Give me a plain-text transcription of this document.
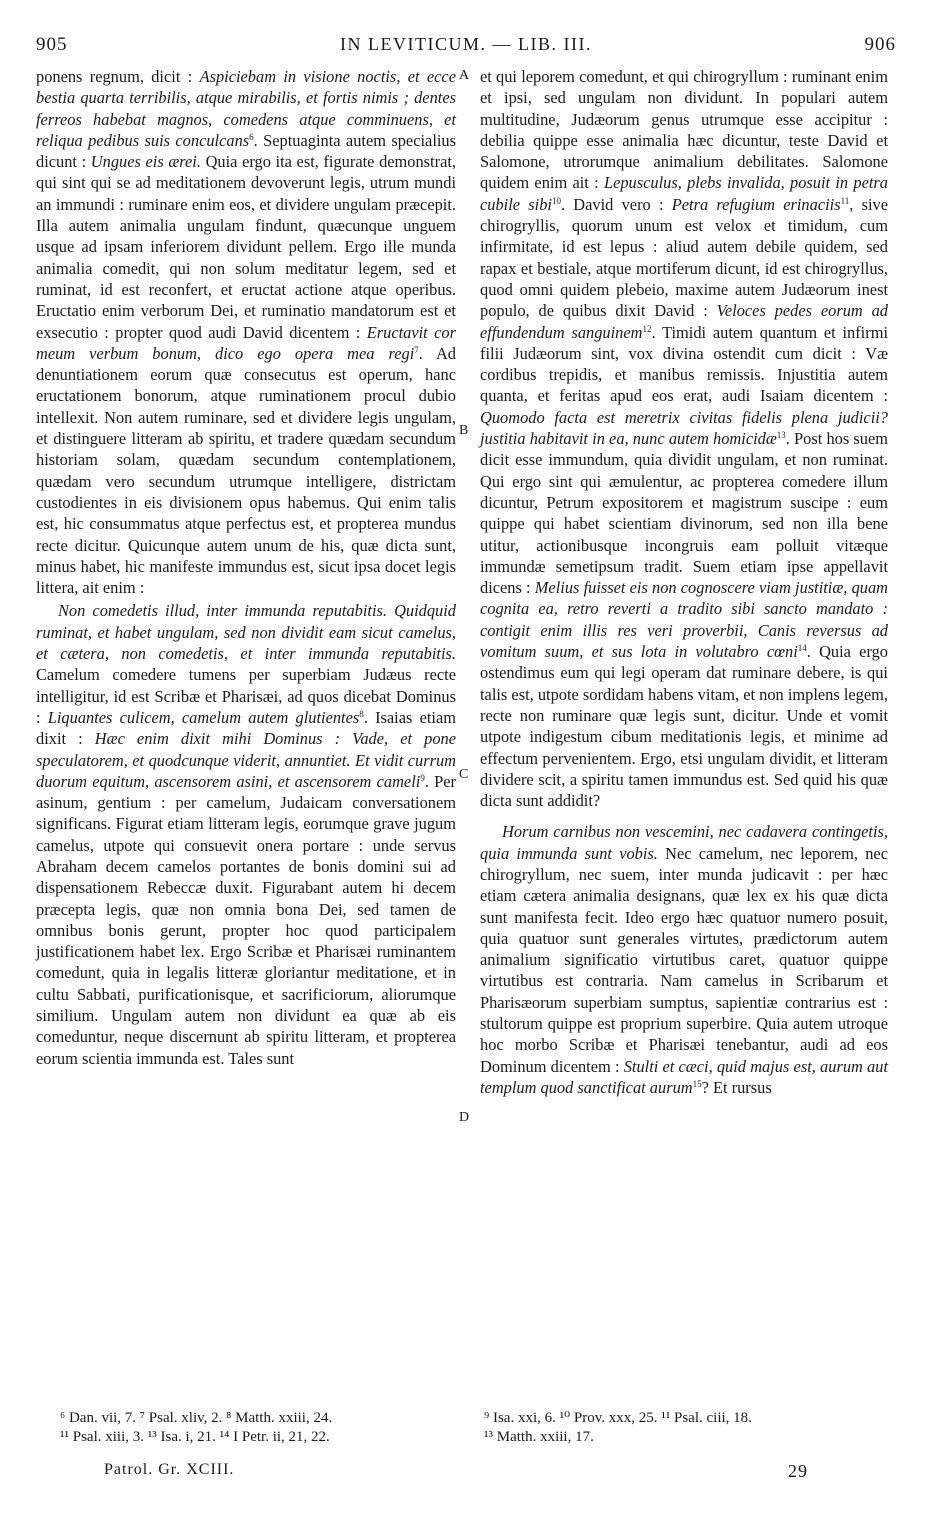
905	IN LEVITICUM. — LIB. III.	906

ponens regnum, dicit : Aspiciebam in visione noctis, et ecce bestia quarta terribilis, atque mirabilis, et fortis nimis ; dentes ferreos habebat magnos, comedens atque comminuens, et reliqua pedibus suis conculcans$^6$. Septuaginta autem specialius dicunt : Ungues eis ærei. Quia ergo ita est, figurate demonstrat, qui sint qui se ad meditationem devoverunt legis, utrum mundi an immundi : ruminare enim eos, et dividere ungulam præcepit. Illa autem animalia ungulam findunt, quæcunque unguem usque ad ipsam inferiorem dividunt pellem. Ergo ille munda animalia comedit, qui non solum meditatur legem, sed et ruminat, id est reconfert, et eructat actione atque operibus. Eructatio enim verborum Dei, et ruminatio mandatorum est et exsecutio : propter quod audi David dicentem : Eructavit cor meum verbum bonum, dico ego opera mea regi$^7$. Ad denuntiationem eorum quæ consecutus est operum, hanc eructationem bonorum, atque ruminationem procul dubio intellexit. Non autem ruminare, sed et dividere legis ungulam, et distinguere litteram ab spiritu, et tradere quædam secundum historiam solam, quædam secundum contemplationem, quædam vero secundum utrumque intelligere, districtam custodientes in eis divisionem opus habemus. Qui enim talis est, hic consummatus atque perfectus est, et propterea mundus recte dicitur. Quicunque autem unum de his, quæ dicta sunt, minus habet, hic manifeste immundus est, sicut ipsa docet legis littera, ait enim :

Non comedetis illud, inter immunda reputabitis. Quidquid ruminat, et habet ungulam, sed non dividit eam sicut camelus, et cætera, non comedetis, et inter immunda reputabitis. Camelum comedere tumens per superbiam Judæus recte intelligitur, id est Scribæ et Pharisæi, ad quos dicebat Dominus : Liquantes culicem, camelum autem glutientes$^8$. Isaias etiam dixit : Hæc enim dixit mihi Dominus : Vade, et pone speculatorem, et quodcunque viderit, annuntiet. Et vidit currum duorum equitum, ascensorem asini, et ascensorem cameli$^9$. Per asinum, gentium : per camelum, Judaicam conversationem significans. Figurat etiam litteram legis, eorumque grave jugum camelus, utpote qui consuevit onera portare : unde servus Abraham decem camelos portantes de bonis domini sui ad dispensationem Rebeccæ duxit. Figurabant autem hi decem præcepta legis, quæ non omnia bona Dei, sed tamen de omnibus bonis gerunt, propter hoc quod participalem justificationem habet lex. Ergo Scribæ et Pharisæi ruminantem comedunt, quia in legalis litteræ gloriantur meditatione, et in cultu Sabbati, purificationisque, et sacrificiorum, aliorumque similium. Ungulam autem non dividunt ea quæ ab eis comeduntur, neque discernunt ab spiritu litteram, et propterea eorum scientia immunda est. Tales sunt

A
B
C
D

et qui leporem comedunt, et qui chirogryllum : ruminant enim et ipsi, sed ungulam non dividunt. In populari autem multitudine, Judæorum genus utrumque esse accipitur : debilia quippe esse animalia hæc dicuntur, teste David et Salomone, utrorumque animalium debilitates. Salomone quidem enim ait : Lepusculus, plebs invalida, posuit in petra cubile sibi$^{10}$. David vero : Petra refugium erinaciis$^{11}$, sive chirogryllis, quorum unum est velox et timidum, cum infirmitate, id est lepus : aliud autem debile quidem, sed rapax et bestiale, atque mortiferum dicunt, id est chirogryllus, quod omni quidem plebeio, maxime autem Judæorum inest populo, de quibus dixit David : Veloces pedes eorum ad effundendum sanguinem$^{12}$. Timidi autem quantum et infirmi filii Judæorum sint, vox divina ostendit cum dicit : Væ cordibus trepidis, et manibus remissis. Injustitia autem quanta, et feritas apud eos erat, audi Isaiam dicentem : Quomodo facta est meretrix civitas fidelis plena judicii? justitia habitavit in ea, nunc autem homicidæ$^{13}$. Post hos suem dicit esse immundum, quia dividit ungulam, et non ruminat. Qui ergo sint qui æmulentur, ac propterea comedere illum dicuntur, Petrum expositorem et magistrum suscipe : eum quippe qui habet scientiam divinorum, sed non illa bene utitur, actionibusque incongruis eam polluit vitæque immundæ semetipsum tradit. Suem etiam ipse appellavit dicens : Melius fuisset eis non cognoscere viam justitiæ, quam cognita ea, retro reverti a tradito sibi sancto mandato : contigit enim illis res veri proverbii, Canis reversus ad vomitum suum, et sus lota in volutabro cœni$^{14}$. Quia ergo ostendimus eum qui legi operam dat ruminare debere, is qui talis est, utpote sordidam habens vitam, et non implens legem, recte non ruminare quæ legis sunt, dicitur. Unde et vomit utpote indigestum cibum meditationis legis, et minime ad effectum pervenientem. Ergo, etsi ungulam dividit, et litteram dividere scit, a spiritu tamen immundus est. Sed quid his quæ dicta sunt addidit?

Horum carnibus non vescemini, nec cadavera contingetis, quia immunda sunt vobis. Nec camelum, nec leporem, nec chirogryllum, nec suem, inter munda judicavit : per hæc etiam cætera animalia designans, quæ lex ex his quæ dicta sunt manifesta fecit. Ideo ergo hæc quatuor numero posuit, quia quatuor sunt generales virtutes, prædictorum autem animalium significatio virtutibus caret, quatuor quippe virtutibus est contraria. Nam camelus in Scribarum et Pharisæorum superbiam sumptus, sapientiæ contrarius est : stultorum quippe est proprium superbire. Quia autem utroque hoc morbo Scribæ et Pharisæi tenebantur, audi ad eos Dominum dicentem : Stulti et cæci, quid majus est, aurum aut templum quod sanctificat aurum$^{15}$? Et rursus

⁶ Dan. vii, 7. ⁷ Psal. xliv, 2. ⁸ Matth. xxiii, 24.
¹¹ Psal. xiii, 3. ¹³ Isa. i, 21. ¹⁴ I Petr. ii, 21, 22.
⁹ Isa. xxi, 6. ¹⁰ Prov. xxx, 25. ¹¹ Psal. ciii, 18.
¹³ Matth. xxiii, 17.
Patrol. Gr. XCIII.	29
